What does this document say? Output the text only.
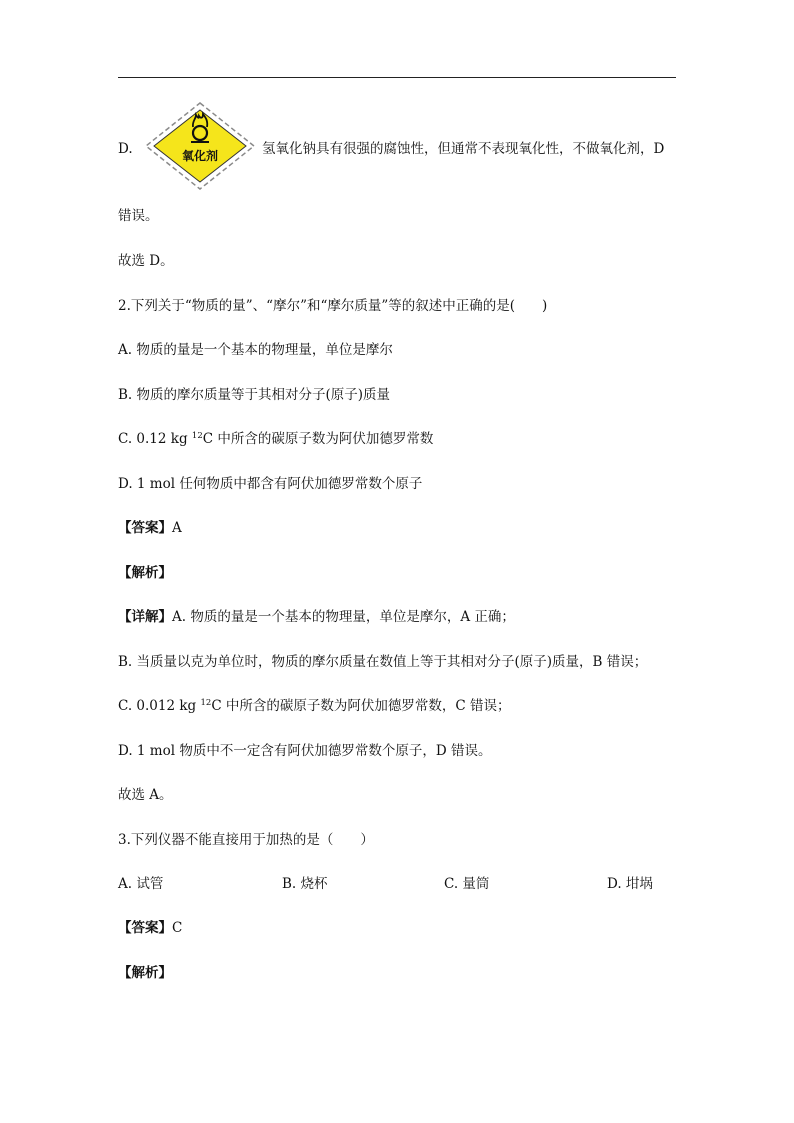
D.	氧化剂	氢氧化钠具有很强的腐蚀性，但通常不表现氧化性，不做氧化剂，D
错误。
故选 D。
2.下列关于“物质的量”、“摩尔”和“摩尔质量”等的叙述中正确的是(　　)
A. 物质的量是一个基本的物理量，单位是摩尔
B. 物质的摩尔质量等于其相对分子(原子)质量
C. 0.12 kg $^{12}$C 中所含的碳原子数为阿伏加德罗常数
D. 1 mol 任何物质中都含有阿伏加德罗常数个原子
【答案】A
【解析】
【详解】A. 物质的量是一个基本的物理量，单位是摩尔，A 正确；
B. 当质量以克为单位时，物质的摩尔质量在数值上等于其相对分子(原子)质量，B 错误；
C. 0.012 kg $^{12}$C 中所含的碳原子数为阿伏加德罗常数，C 错误；
D. 1 mol 物质中不一定含有阿伏加德罗常数个原子，D 错误。
故选 A。
3.下列仪器不能直接用于加热的是（　　）
A. 试管	B. 烧杯	C. 量筒	D. 坩埚
【答案】C
【解析】
